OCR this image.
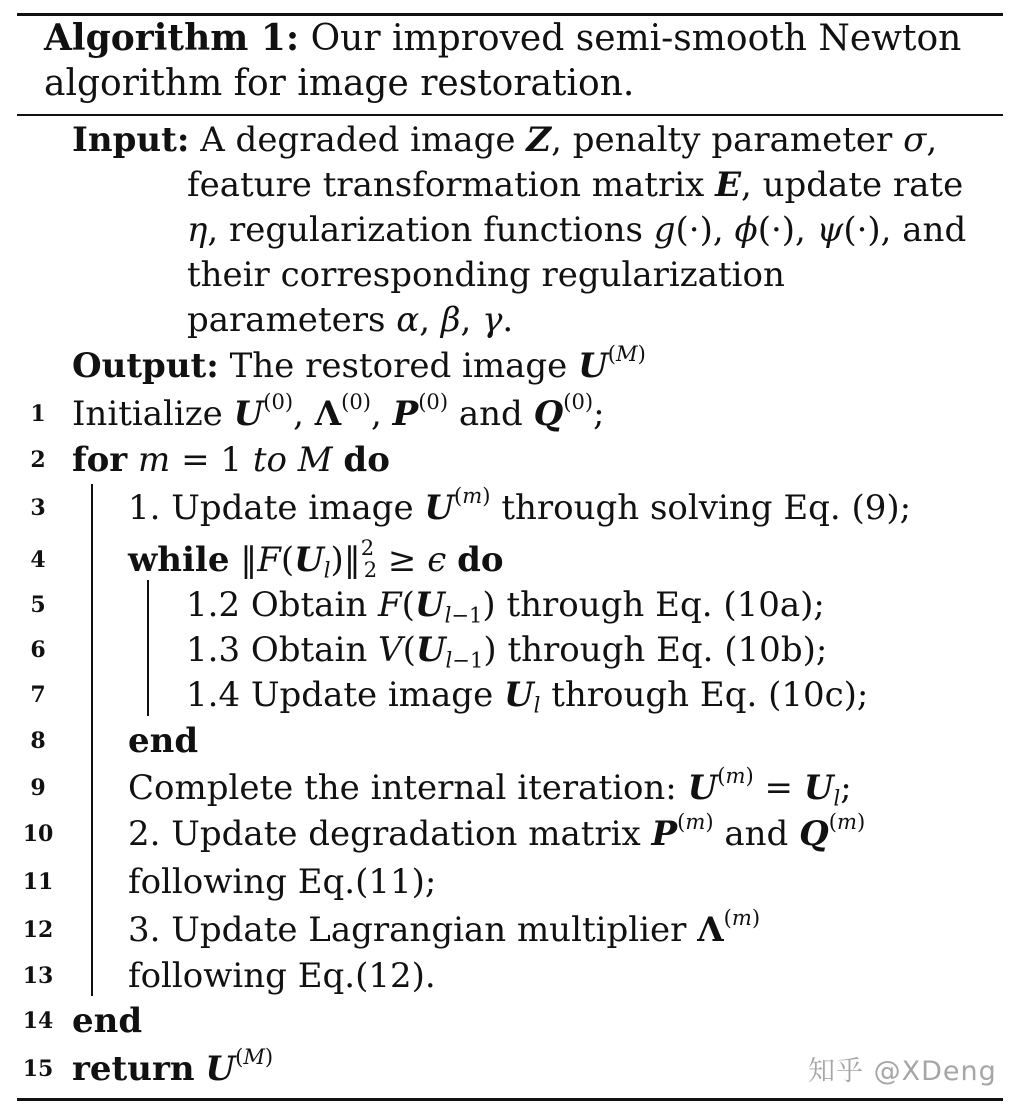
Algorithm 1: Our improved semi-smooth Newton
algorithm for image restoration.
Input: A degraded image Z, penalty parameter σ,
feature transformation matrix E, update rate
η, regularization functions g(·), ϕ(·), ψ(·), and
their corresponding regularization
parameters α, β, γ.
Output: The restored image $U^{(M)}$
1
2
3
4
5
6
7
8
9
10
11
12
13
14
15
Initialize $U^{(0)}$, $\Lambda^{(0)}$, $P^{(0)}$ and $Q^{(0)}$;
for m = 1 to M do
1. Update image $U^{(m)}$ through solving Eq. (9);
while $‖F(U_l)‖^2_2 \ge \epsilon$ do
1.2 Obtain $F(U_{l-1})$ through Eq. (10a);
1.3 Obtain $V(U_{l-1})$ through Eq. (10b);
1.4 Update image $U_l$ through Eq. (10c);
end
Complete the internal iteration: $U^{(m)} = U_l$;
2. Update degradation matrix $P^{(m)}$ and $Q^{(m)}$
following Eq.(11);
3. Update Lagrangian multiplier $\Lambda^{(m)}$
following Eq.(12).
end
return $U^{(M)}$	知乎 @XDeng
